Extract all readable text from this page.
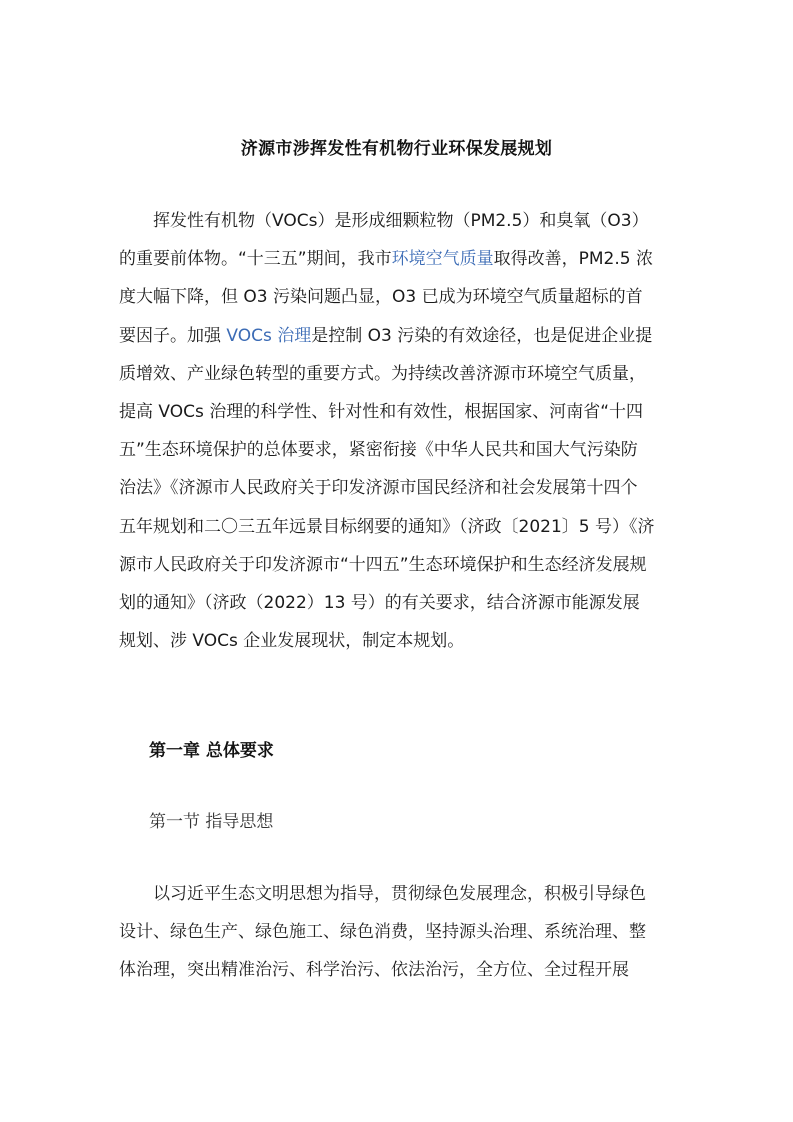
济源市涉挥发性有机物行业环保发展规划
挥发性有机物（VOCs）是形成细颗粒物（PM2.5）和臭氧（O3）
的重要前体物。“十三五”期间，我市环境空气质量取得改善，PM2.5 浓
度大幅下降，但 O3 污染问题凸显，O3 已成为环境空气质量超标的首
要因子。加强 VOCs 治理是控制 O3 污染的有效途径，也是促进企业提
质增效、产业绿色转型的重要方式。为持续改善济源市环境空气质量，
提高 VOCs 治理的科学性、针对性和有效性，根据国家、河南省“十四
五”生态环境保护的总体要求，紧密衔接《中华人民共和国大气污染防
治法》《济源市人民政府关于印发济源市国民经济和社会发展第十四个
五年规划和二〇三五年远景目标纲要的通知》（济政〔2021〕5 号）《济
源市人民政府关于印发济源市“十四五”生态环境保护和生态经济发展规
划的通知》（济政（2022）13 号）的有关要求，结合济源市能源发展
规划、涉 VOCs 企业发展现状，制定本规划。
第一章 总体要求
第一节 指导思想
以习近平生态文明思想为指导，贯彻绿色发展理念，积极引导绿色
设计、绿色生产、绿色施工、绿色消费，坚持源头治理、系统治理、整
体治理，突出精准治污、科学治污、依法治污，全方位、全过程开展
